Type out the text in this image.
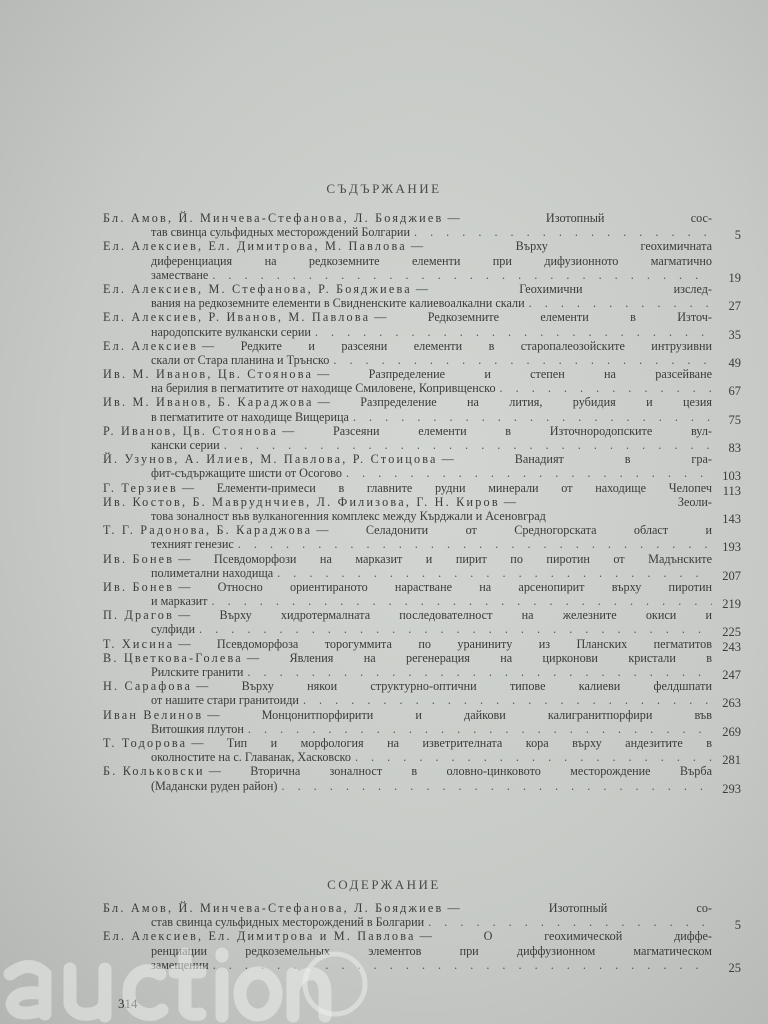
СЪДЪРЖАНИЕ
Бл. Амов, Й. Минчева-Стефанова, Л. Бояджиев — Изотопный сос-
тав свинца сульфидных месторождений Болгарии . . .	5
Ел. Алексиев, Ел. Димитрова, М. Павлова — Върху геохимичната
диференциация на редкоземните елементи при дифузионното магматично
заместване . . .	19
Ел. Алексиев, М. Стефанова, Р. Бояджиева — Геохимични изслед-
вания на редкоземните елементи в Свидненските калиевоалкални скали . . .	27
Ел. Алексиев, Р. Иванов, М. Павлова — Редкоземните елементи в Източ-
народопските вулкански серии . . .	35
Ел. Алексиев — Редките и разсеяни елементи в старопалеозойските интрузивни
скали от Стара планина и Трънско . . .	49
Ив. М. Иванов, Цв. Стоянова — Разпределение и степен на разсейване
на берилия в пегматитите от находище Смиловене, Копривщенско . . .	67
Ив. М. Иванов, Б. Караджова — Разпределение на лития, рубидия и цезия
в пегматитите от находище Вищерица . . .	75
Р. Иванов, Цв. Стоянова — Разсеяни елементи в Източнородопските вул-
кански серии . . .	83
Й. Узунов, А. Илиев, М. Павлова, Р. Стоицова — Ванадият в гра-
фит-съдържащите шисти от Осогово . . .	103
Г. Терзиев — Елементи-примеси в главните рудни минерали от находище Челопеч 113
Ив. Костов, Б. Мавруднчиев, Л. Филизова, Г. Н. Киров — Зеоли-
това зоналност във вулканогенния комплекс между Кърджали и Асеновград	143
Т. Г. Радонова, Б. Караджова — Селадонити от Средногорската област и
техният генезис . . .	193
Ив. Бонев — Псевдоморфози на марказит и пирит по пиротин от Мадънските
полиметални находища . . .	207
Ив. Бонев — Относно ориентираното нарастване на арсенопирит върху пиротин
и марказит . . .	219
П. Драгов — Върху хидротермалната последователност на железните окиси и
сулфиди . . .	225
Т. Хисина — Псевдоморфоза торогуммита по ураниниту из Планских пегматитов 243
В. Цветкова-Голева — Явления на регенерация на цирконови кристали в
Рилските гранити . . .	247
Н. Сарафова — Върху някои структурно-оптични типове калиеви фелдшпати
от нашите стари гранитоиди . . .	263
Иван Велинов — Монцонитпорфирити и дайкови калигранитпорфири във
Витошкия плутон . . .	269
Т. Тодорова — Тип и морфология на изветрителната кора върху андезитите в
околностите на с. Главанак, Хасковско . . .	281
Б. Кольковски — Вторична зоналност в оловно-цинковото месторождение Върба
(Мадански руден район) . . .	293
СОДЕРЖАНИЕ
Бл. Амов, Й. Минчева-Стефанова, Л. Бояджиев — Изотопный со-
став свинца сульфидных месторождений в Болгарии . . .	5
Ел. Алексиев, Ел. Димитрова и М. Павлова — О геохимической диффе-
ренциации редкоземельных элементов при диффузионном магматическом
замещении . . .	25
314
